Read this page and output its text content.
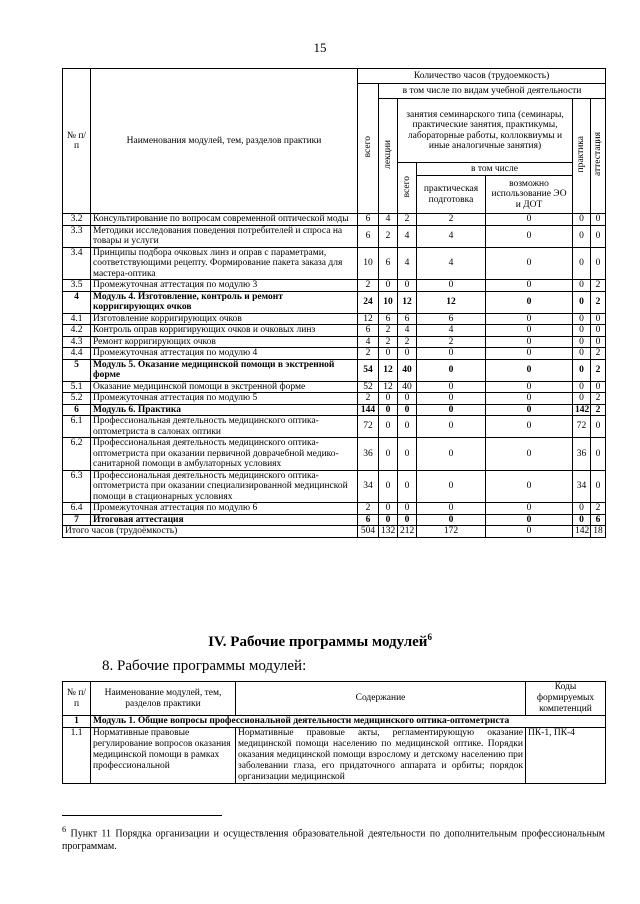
15
№ п/п	Наименования модулей, тем, разделов практики	Количество часов (трудоемкость)						
		всего	в том числе по видам учебной деятельности					
			лекции	занятия семинарского типа (семинары, практические занятия, практикумы, лабораторные работы, коллоквиумы и иные аналогичные занятия)			практика	аттестация
				всего	в том числе			
					практическая подготовка	возможно использование ЭО и ДОТ		
3.2	Консультирование по вопросам современной оптической моды	6	4	2	2	0	0	0
3.3	Методики исследования поведения потребителей и спроса на товары и услуги	6	2	4	4	0	0	0
3.4	Принципы подбора очковых линз и оправ с параметрами, соответствующими рецепту. Формирование пакета заказа для мастера-оптика	10	6	4	4	0	0	0
3.5	Промежуточная аттестация по модулю 3	2	0	0	0	0	0	2
4	Модуль 4. Изготовление, контроль и ремонт корригирующих очков	24	10	12	12	0	0	2
4.1	Изготовление корригирующих очков	12	6	6	6	0	0	0
4.2	Контроль оправ корригирующих очков и очковых линз	6	2	4	4	0	0	0
4.3	Ремонт корригирующих очков	4	2	2	2	0	0	0
4.4	Промежуточная аттестация по модулю 4	2	0	0	0	0	0	2
5	Модуль 5. Оказание медицинской помощи в экстренной форме	54	12	40	0	0	0	2
5.1	Оказание медицинской помощи в экстренной форме	52	12	40	0	0	0	0
5.2	Промежуточная аттестация по модулю 5	2	0	0	0	0	0	2
6	Модуль 6. Практика	144	0	0	0	0	142	2
6.1	Профессиональная деятельность медицинского оптика-оптометриста в салонах оптики	72	0	0	0	0	72	0
6.2	Профессиональная деятельность медицинского оптика-оптометриста при оказании первичной доврачебной медико-санитарной помощи в амбулаторных условиях	36	0	0	0	0	36	0
6.3	Профессиональная деятельность медицинского оптика-оптометриста при оказании специализированной медицинской помощи в стационарных условиях	34	0	0	0	0	34	0
6.4	Промежуточная аттестация по модулю 6	2	0	0	0	0	0	2
7	Итоговая аттестация	6	0	0	0	0	0	6
Итого часов (трудоёмкость)		504	132	212	172	0	142	18
IV. Рабочие программы модулей$^6$
8. Рабочие программы модулей:
№ п/п	Наименование модулей, тем, разделов практики	Содержание	Коды формируемых компетенций
1	Модуль 1. Общие вопросы профессиональной деятельности медицинского оптика-оптометриста		
1.1	Нормативные правовые регулирование вопросов оказания медицинской помощи в рамках профессиональной	Нормативные правовые акты, регламентирующую оказание медицинской помощи населению по медицинской оптике. Порядки оказания медицинской помощи взрослому и детскому населению при заболевании глаза, его придаточного аппарата и орбиты; порядок организации медицинской	ПК-1, ПК-4
$^6$ Пункт 11 Порядка организации и осуществления образовательной деятельности по дополнительным профессиональным программам.
